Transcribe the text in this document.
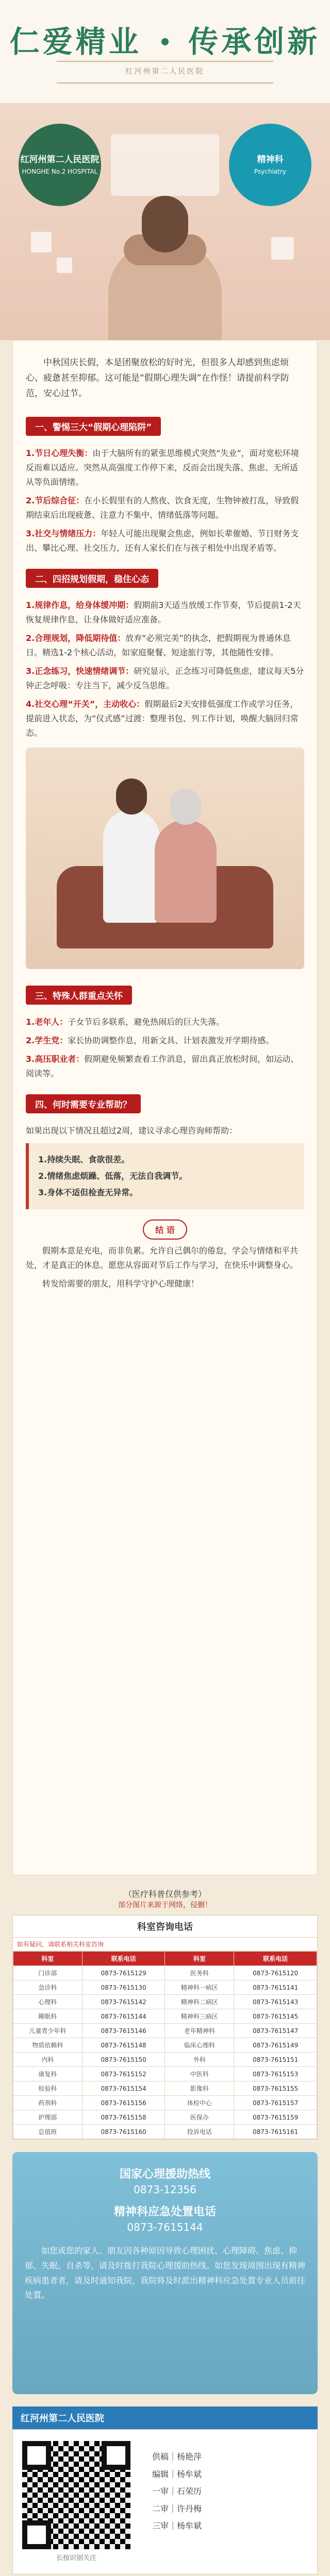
仁爱精业 传承创新
红河州第二人民医院
红河州第二人民医院
HONGHE No.2 HOSPITAL
精神科
Psychiatry

中秋国庆长假，本是团聚放松的好时光，但很多人却感到焦虑烦心、疲惫甚至抑郁。这可能是“假期心理失调”在作怪！请提前科学防范，安心过节。

一、警惕三大“假期心理陷阱”
1.节日心理失衡：由于大脑所有的紧张思维模式突然“失业”，面对宽松环境反而难以适应。突然从高强度工作停下来，反而会出现失落、焦虑、无所适从等负面情绪。
2.节后综合征：在小长假里有的人熬夜、饮食无度，生物钟被打乱，导致假期结束后出现疲惫、注意力不集中、情绪低落等问题。
3.社交与情绪压力：年轻人可能出现聚会焦虑，例如长辈催婚、节日财务支出、攀比心理、社交压力，还有人家长们在与孩子相处中出现矛盾等。
二、四招规划假期，稳住心态
1.规律作息，给身体缓冲期：假期前3天适当放缓工作节奏，节后提前1-2天恢复规律作息，让身体做好适应准备。
2.合理规划，降低期待值：放弃“必须完美”的执念，把假期视为普通休息日。精选1-2个核心活动，如家庭聚餐、短途旅行等，其他随性安排。
3.正念练习，快速情绪调节：研究显示，正念练习可降低焦虑，建议每天5分钟正念呼吸：专注当下，减少反刍思维。
4.社交心理“开关”，主动收心：假期最后2天安排低强度工作或学习任务，提前进入状态，为“仪式感”过渡：整理书包、列工作计划，唤醒大脑回归常态。
三、特殊人群重点关怀
1.老年人：子女节后多联系，避免热闹后的巨大失落。
2.学生党：家长协助调整作息，用新文具、计划表激发开学期待感。
3.高压职业者：假期避免频繁查看工作消息，留出真正放松时间，如运动、阅读等。
四、何时需要专业帮助？
如果出现以下情况且超过2周，建议寻求心理咨询师帮助：
1.持续失眠、食欲很差。
2.情绪焦虑烦躁、低落，无法自我调节。
3.身体不适但检查无异常。
结 语
假期本意是充电，而非负累。允许自己偶尔的倦怠，学会与情绪和平共处，才是真正的休息。愿您从容面对节后工作与学习，在快乐中调整身心。
转发给需要的朋友，用科学守护心理健康！
（医疗科普仅供参考）
部分图片来源于网络，侵删！
科室咨询电话
如有疑问，请联系相关科室咨询
科室	联系电话	科室	联系电话
门诊部	0873-7615129	医务科	0873-7615120
急诊科	0873-7615130	精神科一病区	0873-7615141
心理科	0873-7615142	精神科二病区	0873-7615143
睡眠科	0873-7615144	精神科三病区	0873-7615145
儿童青少年科	0873-7615146	老年精神科	0873-7615147
物质依赖科	0873-7615148	临床心理科	0873-7615149
内科	0873-7615150	外科	0873-7615151
康复科	0873-7615152	中医科	0873-7615153
检验科	0873-7615154	影像科	0873-7615155
药剂科	0873-7615156	体检中心	0873-7615157
护理部	0873-7615158	医保办	0873-7615159
总值班	0873-7615160	投诉电话	0873-7615161
国家心理援助热线
0873-12356
精神科应急处置电话
0873-7615144
如您或您的家人、朋友因各种原因导致心理困扰、心理障碍、焦虑、抑郁、失眠、自杀等，请及时拨打我院心理援助热线。如您发现周围出现有精神疾病患者者，请及时通知我院，我院将及时派出精神科应急处置专业人员前往处置。
红河州第二人民医院
长按识别关注
供稿｜杨艳萍
编辑｜杨牟斌
一审｜石荣历
二审｜许丹梅
三审｜杨牟斌
